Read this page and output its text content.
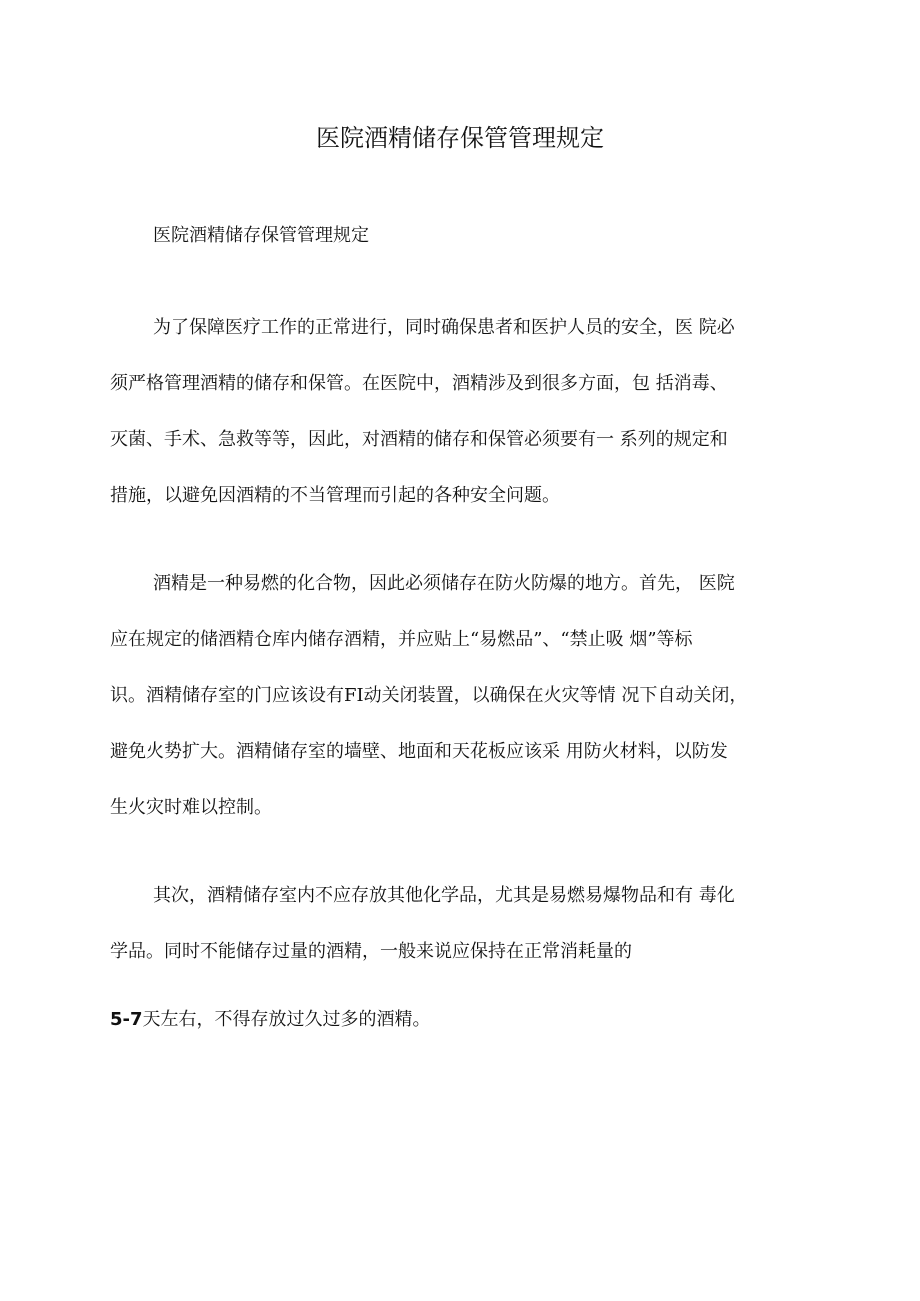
医院酒精储存保管管理规定
医院酒精储存保管管理规定
为了保障医疗工作的正常进行，同时确保患者和医护人员的安全，医 院必
须严格管理酒精的储存和保管。在医院中，酒精涉及到很多方面，包 括消毒、
灭菌、手术、急救等等，因此，对酒精的储存和保管必须要有一 系列的规定和
措施，以避免因酒精的不当管理而引起的各种安全问题。
酒精是一种易燃的化合物，因此必须储存在防火防爆的地方。首先， 医院
应在规定的储酒精仓库内储存酒精，并应贴上“易燃品”、“禁止吸 烟”等标
识。酒精储存室的门应该设有FI动关闭装置，以确保在火灾等情 况下自动关闭，
避免火势扩大。酒精储存室的墙壁、地面和天花板应该采 用防火材料，以防发
生火灾时难以控制。
其次，酒精储存室内不应存放其他化学品，尤其是易燃易爆物品和有 毒化
学品。同时不能储存过量的酒精，一般来说应保持在正常消耗量的
5-7天左右，不得存放过久过多的酒精。
